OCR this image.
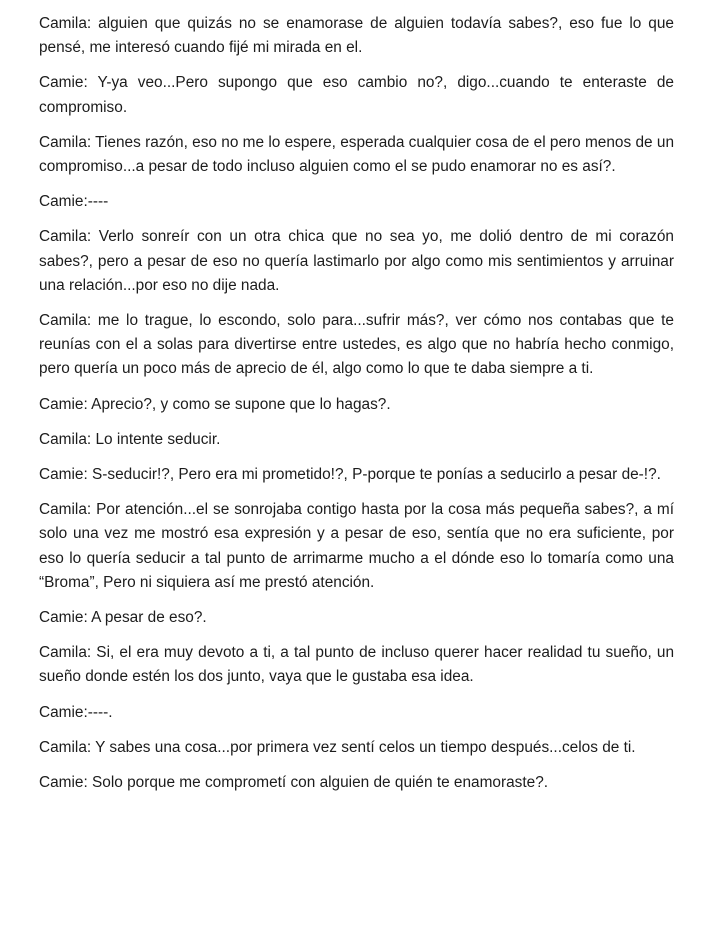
Camila: alguien que quizás no se enamorase de alguien todavía sabes?, eso fue lo que pensé, me interesó cuando fijé mi mirada en el.

Camie: Y-ya veo...Pero supongo que eso cambio no?, digo...cuando te enteraste de compromiso.

Camila: Tienes razón, eso no me lo espere, esperada cualquier cosa de el pero menos de un compromiso...a pesar de todo incluso alguien como el se pudo enamorar no es así?.

Camie:----

Camila: Verlo sonreír con un otra chica que no sea yo, me dolió dentro de mi corazón sabes?, pero a pesar de eso no quería lastimarlo por algo como mis sentimientos y arruinar una relación...por eso no dije nada.

Camila: me lo trague, lo escondo, solo para...sufrir más?, ver cómo nos contabas que te reunías con el a solas para divertirse entre ustedes, es algo que no habría hecho conmigo, pero quería un poco más de aprecio de él, algo como lo que te daba siempre a ti.

Camie: Aprecio?, y como se supone que lo hagas?.

Camila: Lo intente seducir.

Camie: S-seducir!?, Pero era mi prometido!?, P-porque te ponías a seducirlo a pesar de-!?.

Camila: Por atención...el se sonrojaba contigo hasta por la cosa más pequeña sabes?, a mí solo una vez me mostró esa expresión y a pesar de eso, sentía que no era suficiente, por eso lo quería seducir a tal punto de arrimarme mucho a el dónde eso lo tomaría como una “Broma”, Pero ni siquiera así me prestó atención.

Camie: A pesar de eso?.

Camila: Si, el era muy devoto a ti, a tal punto de incluso querer hacer realidad tu sueño, un sueño donde estén los dos junto, vaya que le gustaba esa idea.

Camie:----.

Camila: Y sabes una cosa...por primera vez sentí celos un tiempo después...celos de ti.

Camie: Solo porque me comprometí con alguien de quién te enamoraste?.
